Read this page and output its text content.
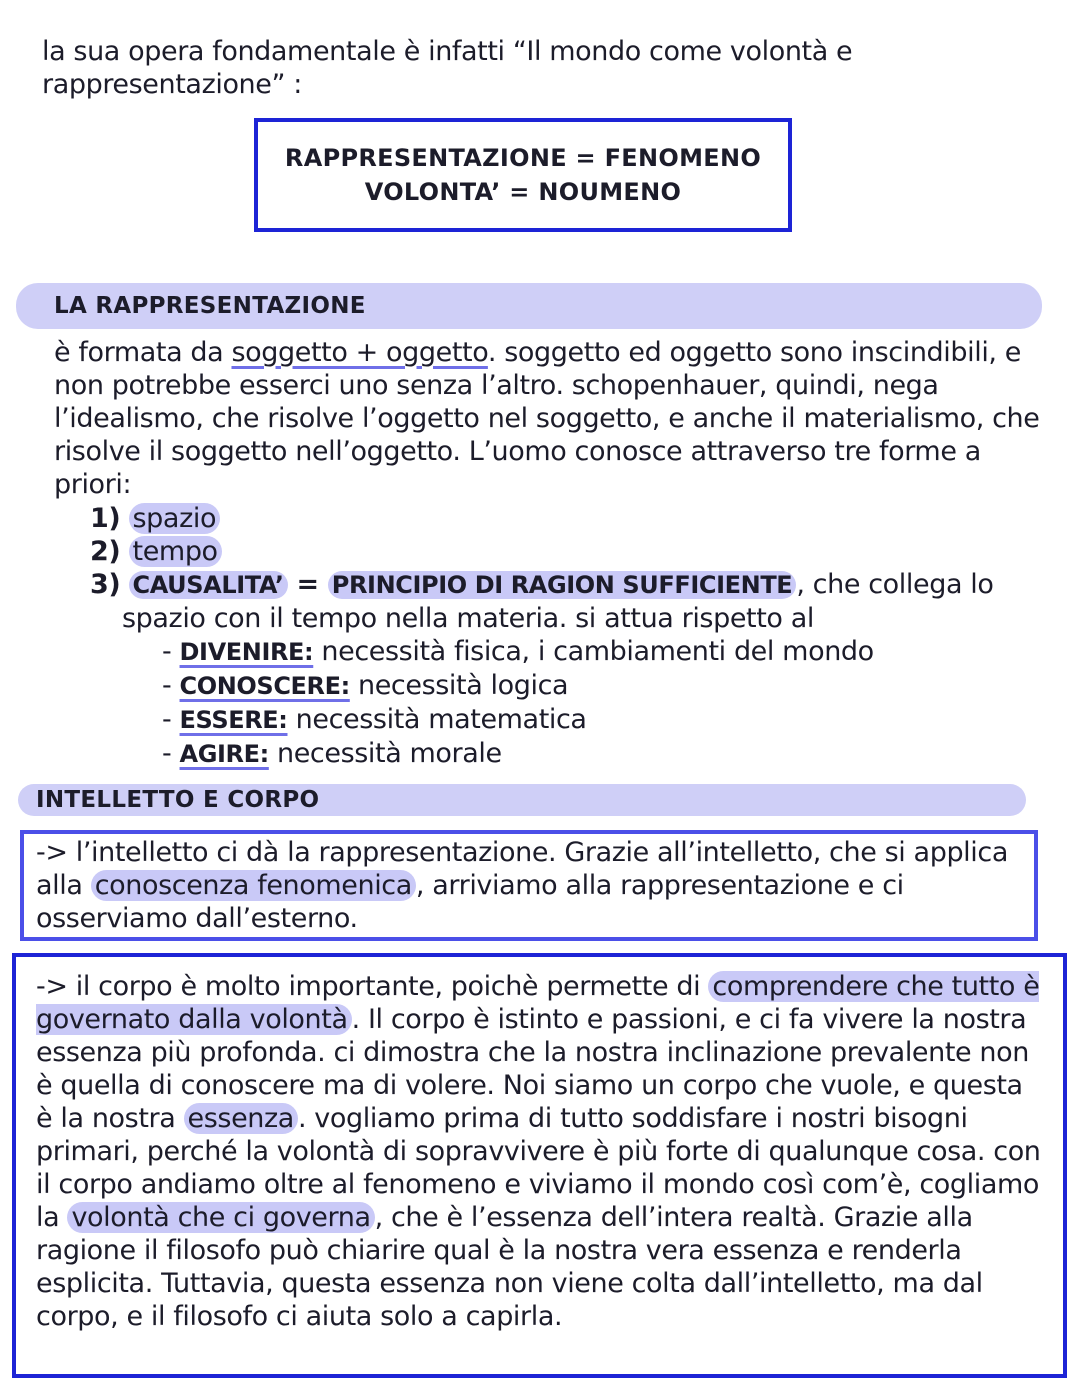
la sua opera fondamentale è infatti “Il mondo come volontà e rappresentazione” :

RAPPRESENTAZIONE = FENOMENO
VOLONTA’ = NOUMENO
LA RAPPRESENTAZIONE

è formata da soggetto + oggetto. soggetto ed oggetto sono inscindibili, e non potrebbe esserci uno senza l’altro. schopenhauer, quindi, nega l’idealismo, che risolve l’oggetto nel soggetto, e anche il materialismo, che risolve il soggetto nell’oggetto. L’uomo conosce attraverso tre forme a priori:

1) spazio
2) tempo
3) CAUSALITA’ = PRINCIPIO DI RAGION SUFFICIENTE , che collega lo
spazio con il tempo nella materia. si attua rispetto al
- DIVENIRE: necessità fisica, i cambiamenti del mondo
- CONOSCERE: necessità logica
- ESSERE: necessità matematica
- AGIRE: necessità morale
INTELLETTO E CORPO
-> l’intelletto ci dà la rappresentazione. Grazie all’intelletto, che si applica alla conoscenza fenomenica , arriviamo alla rappresentazione e ci osserviamo dall’esterno.
-> il corpo è molto importante, poichè permette di comprendere che tutto è governato dalla volontà . Il corpo è istinto e passioni, e ci fa vivere la nostra essenza più profonda. ci dimostra che la nostra inclinazione prevalente non è quella di conoscere ma di volere. Noi siamo un corpo che vuole, e questa è la nostra essenza . vogliamo prima di tutto soddisfare i nostri bisogni primari, perché la volontà di sopravvivere è più forte di qualunque cosa. con il corpo andiamo oltre al fenomeno e viviamo il mondo così com’è, cogliamo la volontà che ci governa , che è l’essenza dell’intera realtà. Grazie alla ragione il filosofo può chiarire qual è la nostra vera essenza e renderla esplicita. Tuttavia, questa essenza non viene colta dall’intelletto, ma dal corpo, e il filosofo ci aiuta solo a capirla.
